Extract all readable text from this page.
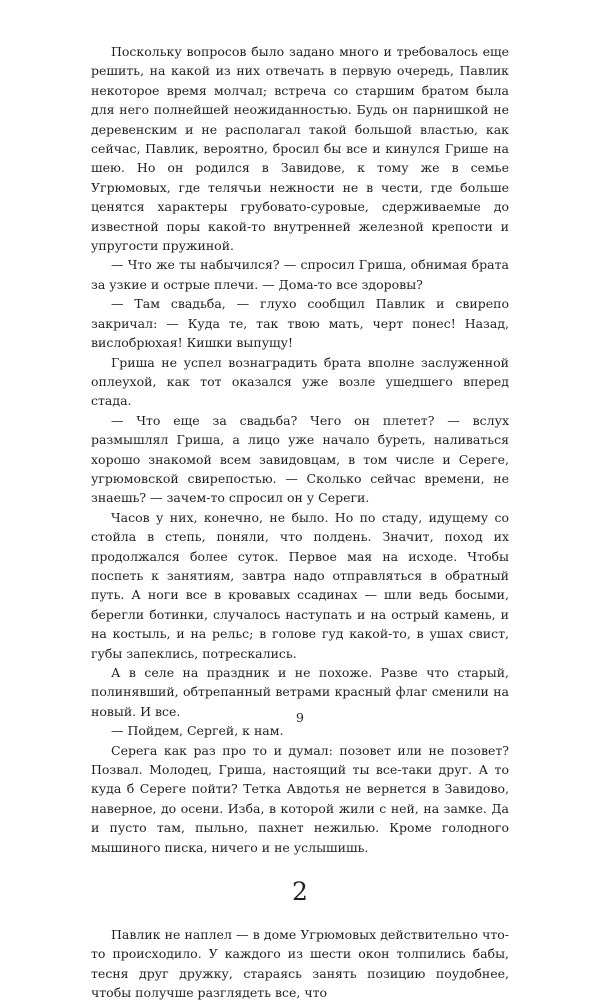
Поскольку вопросов было задано много и требовалось еще решить, на какой из них отвечать в первую очередь, Павлик некоторое время молчал; встреча со старшим братом была для него полнейшей неожиданностью. Будь он парнишкой не деревенским и не располагал такой большой властью, как сейчас, Павлик, вероятно, бросил бы все и кинулся Грише на шею. Но он родился в Завидове, к тому же в семье Угрюмовых, где телячьи нежности не в чести, где больше ценятся характеры грубовато-суровые, сдерживаемые до известной поры какой-то внутренней железной крепости и упругости пружиной.

— Что же ты набычился? — спросил Гриша, обнимая брата за узкие и острые плечи. — Дома-то все здоровы?

— Там свадьба, — глухо сообщил Павлик и свирепо закричал: — Куда те, так твою мать, черт понес! Назад, вислобрюхая! Кишки выпущу!

Гриша не успел вознаградить брата вполне заслуженной оплеухой, как тот оказался уже возле ушедшего вперед стада.

— Что еще за свадьба? Чего он плетет? — вслух размышлял Гриша, а лицо уже начало буреть, наливаться хорошо знакомой всем завидовцам, в том числе и Сереге, угрюмовской свирепостью. — Сколько сейчас времени, не знаешь? — зачем-то спросил он у Сереги.

Часов у них, конечно, не было. Но по стаду, идущему со стойла в степь, поняли, что полдень. Значит, поход их продолжался более суток. Первое мая на исходе. Чтобы поспеть к занятиям, завтра надо отправляться в обратный путь. А ноги все в кровавых ссадинах — шли ведь босыми, берегли ботинки, случалось наступать и на острый камень, и на костыль, и на рельс; в голове гуд какой-то, в ушах свист, губы запеклись, потрескались.

А в селе на праздник и не похоже. Разве что старый, полинявший, обтрепанный ветрами красный флаг сменили на новый. И все.

— Пойдем, Сергей, к нам.

Серега как раз про то и думал: позовет или не позовет? Позвал. Молодец, Гриша, настоящий ты все-таки друг. А то куда б Сереге пойти? Тетка Авдотья не вернется в Завидово, наверное, до осени. Изба, в которой жили с ней, на замке. Да и пусто там, пыльно, пахнет нежилью. Кроме голодного мышиного писка, ничего и не услышишь.

2

Павлик не наплел — в доме Угрюмовых действительно что-то происходило. У каждого из шести окон толпились бабы, тесня друг дружку, стараясь занять позицию поудобнее, чтобы получше разглядеть все, что

9
